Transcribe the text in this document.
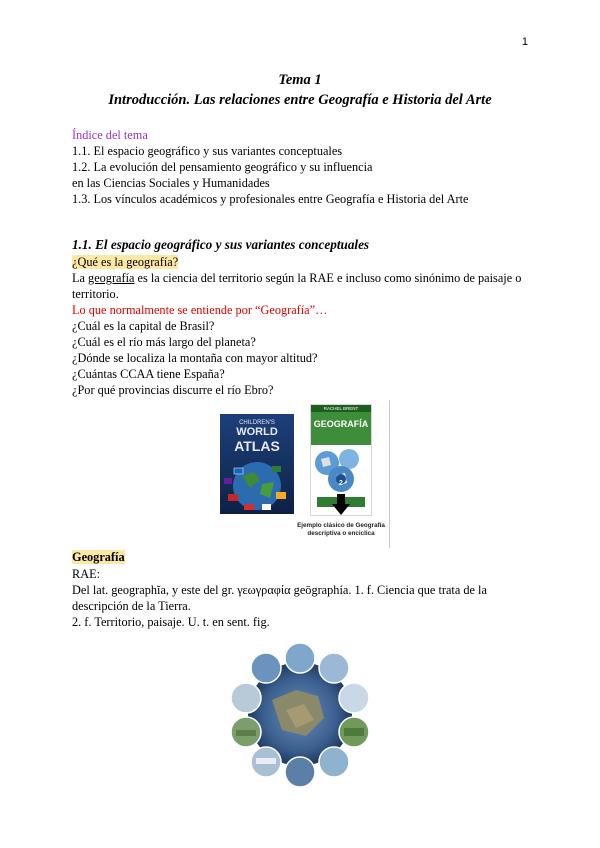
1
Tema 1
Introducción. Las relaciones entre Geografía e Historia del Arte
Índice del tema
1.1. El espacio geográfico y sus variantes conceptuales
1.2. La evolución del pensamiento geográfico y su influencia
en las Ciencias Sociales y Humanidades
1.3. Los vínculos académicos y profesionales entre Geografía e Historia del Arte
1.1. El espacio geográfico y sus variantes conceptuales
¿Qué es la geografía?
La geografía es la ciencia del territorio según la RAE e incluso como sinónimo de paisaje o territorio.
Lo que normalmente se entiende por “Geografía”…
¿Cuál es la capital de Brasil?
¿Cuál es el río más largo del planeta?
¿Dónde se localiza la montaña con mayor altitud?
¿Cuántas CCAA tiene España?
¿Por qué provincias discurre el río Ebro?
CHILDREN'S
WORLD
ATLAS
RACHEL BRENT
GEOGRAFÍA
2
Ejemplo clásico de Geografía descriptiva o enciclica
Geografía
RAE:
Del lat. geographĭa, y este del gr. γεωγραφία geōgraphía. 1. f. Ciencia que trata de la descripción de la Tierra.
2. f. Territorio, paisaje. U. t. en sent. fig.
